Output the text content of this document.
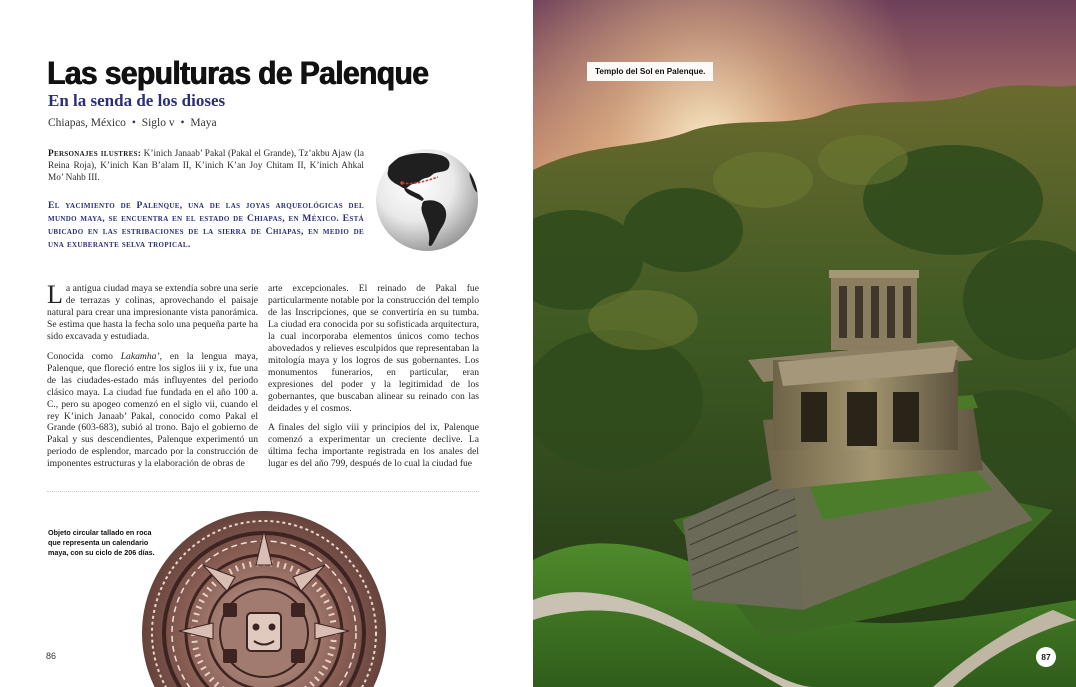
Las sepulturas de Palenque
En la senda de los dioses
Chiapas, México • Siglo v • Maya
Personajes ilustres: K’inich Janaab’ Pakal (Pakal el Grande), Tz’akbu Ajaw (la Reina Roja), K’inich Kan B’alam II, K’inich K’an Joy Chitam II, K’inich Ahkal Mo’ Nahb III.
El yacimiento de Palenque, una de las joyas arqueológicas del mundo maya, se encuentra en el estado de Chiapas, en México. Está ubicado en las estribaciones de la sierra de Chiapas, en medio de una exuberante selva tropical.

La antigua ciudad maya se extendía sobre una serie de terrazas y colinas, aprovechando el paisaje natural para crear una impresionante vista panorámica. Se estima que hasta la fecha solo una pequeña parte ha sido excavada y estudiada.

Conocida como Lakamha’, en la lengua maya, Palenque, que floreció entre los siglos iii y ix, fue una de las ciudades-estado más influyentes del periodo clásico maya. La ciudad fue fundada en el año 100 a. C., pero su apogeo comenzó en el siglo vii, cuando el rey K’inich Janaab’ Pakal, conocido como Pakal el Grande (603-683), subió al trono. Bajo el gobierno de Pakal y sus descendientes, Palenque experimentó un periodo de esplendor, marcado por la construcción de imponentes estructuras y la elaboración de obras de

arte excepcionales. El reinado de Pakal fue particularmente notable por la construcción del templo de las Inscripciones, que se convertiría en su tumba. La ciudad era conocida por su sofisticada arquitectura, la cual incorporaba elementos únicos como techos abovedados y relieves esculpidos que representaban la mitología maya y los logros de sus gobernantes. Los monumentos funerarios, en particular, eran expresiones del poder y la legitimidad de los gobernantes, que buscaban alinear su reinado con las deidades y el cosmos.

A finales del siglo viii y principios del ix, Palenque comenzó a experimentar un creciente declive. La última fecha importante registrada en los anales del lugar es del año 799, después de lo cual la ciudad fue

Objeto circular tallado en roca que representa un calendario maya, con su ciclo de 206 días.
86
Templo del Sol en Palenque.
87
